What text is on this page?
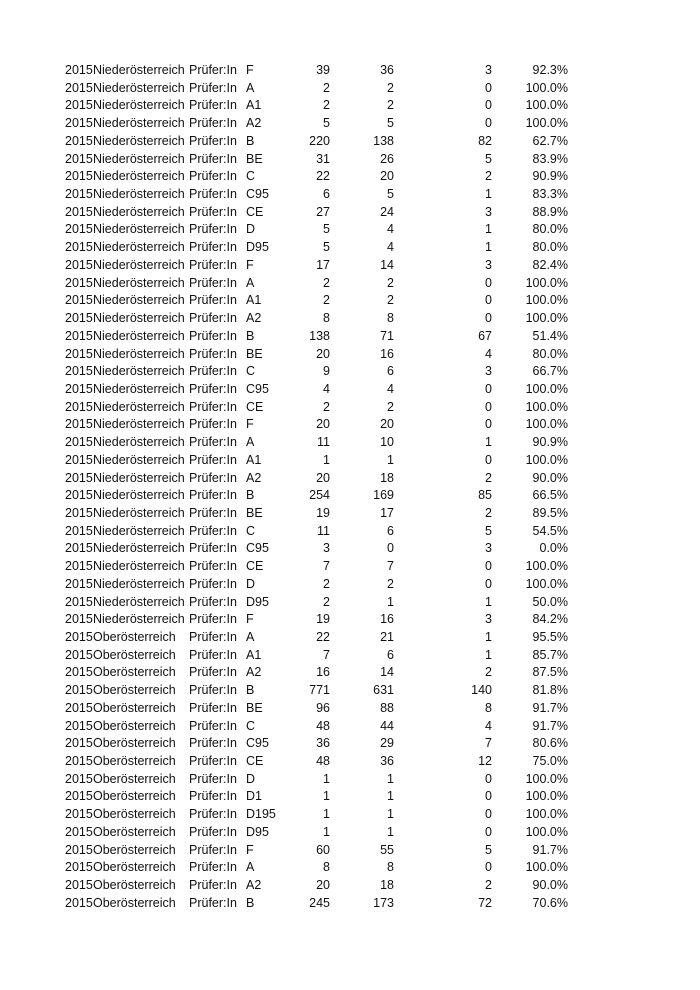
2015 Niederösterreich Prüfer:In F	39	36	3	92.3%
2015 Niederösterreich Prüfer:In A	2	2	0	100.0%
2015 Niederösterreich Prüfer:In A1	2	2	0	100.0%
2015 Niederösterreich Prüfer:In A2	5	5	0	100.0%
2015 Niederösterreich Prüfer:In B	220	138	82	62.7%
2015 Niederösterreich Prüfer:In BE	31	26	5	83.9%
2015 Niederösterreich Prüfer:In C	22	20	2	90.9%
2015 Niederösterreich Prüfer:In C95	6	5	1	83.3%
2015 Niederösterreich Prüfer:In CE	27	24	3	88.9%
2015 Niederösterreich Prüfer:In D	5	4	1	80.0%
2015 Niederösterreich Prüfer:In D95	5	4	1	80.0%
2015 Niederösterreich Prüfer:In F	17	14	3	82.4%
2015 Niederösterreich Prüfer:In A	2	2	0	100.0%
2015 Niederösterreich Prüfer:In A1	2	2	0	100.0%
2015 Niederösterreich Prüfer:In A2	8	8	0	100.0%
2015 Niederösterreich Prüfer:In B	138	71	67	51.4%
2015 Niederösterreich Prüfer:In BE	20	16	4	80.0%
2015 Niederösterreich Prüfer:In C	9	6	3	66.7%
2015 Niederösterreich Prüfer:In C95	4	4	0	100.0%
2015 Niederösterreich Prüfer:In CE	2	2	0	100.0%
2015 Niederösterreich Prüfer:In F	20	20	0	100.0%
2015 Niederösterreich Prüfer:In A	11	10	1	90.9%
2015 Niederösterreich Prüfer:In A1	1	1	0	100.0%
2015 Niederösterreich Prüfer:In A2	20	18	2	90.0%
2015 Niederösterreich Prüfer:In B	254	169	85	66.5%
2015 Niederösterreich Prüfer:In BE	19	17	2	89.5%
2015 Niederösterreich Prüfer:In C	11	6	5	54.5%
2015 Niederösterreich Prüfer:In C95	3	0	3	0.0%
2015 Niederösterreich Prüfer:In CE	7	7	0	100.0%
2015 Niederösterreich Prüfer:In D	2	2	0	100.0%
2015 Niederösterreich Prüfer:In D95	2	1	1	50.0%
2015 Niederösterreich Prüfer:In F	19	16	3	84.2%
2015 Oberösterreich Prüfer:In A	22	21	1	95.5%
2015 Oberösterreich Prüfer:In A1	7	6	1	85.7%
2015 Oberösterreich Prüfer:In A2	16	14	2	87.5%
2015 Oberösterreich Prüfer:In B	771	631	140	81.8%
2015 Oberösterreich Prüfer:In BE	96	88	8	91.7%
2015 Oberösterreich Prüfer:In C	48	44	4	91.7%
2015 Oberösterreich Prüfer:In C95	36	29	7	80.6%
2015 Oberösterreich Prüfer:In CE	48	36	12	75.0%
2015 Oberösterreich Prüfer:In D	1	1	0	100.0%
2015 Oberösterreich Prüfer:In D1	1	1	0	100.0%
2015 Oberösterreich Prüfer:In D195	1	1	0	100.0%
2015 Oberösterreich Prüfer:In D95	1	1	0	100.0%
2015 Oberösterreich Prüfer:In F	60	55	5	91.7%
2015 Oberösterreich Prüfer:In A	8	8	0	100.0%
2015 Oberösterreich Prüfer:In A2	20	18	2	90.0%
2015 Oberösterreich Prüfer:In B	245	173	72	70.6%
